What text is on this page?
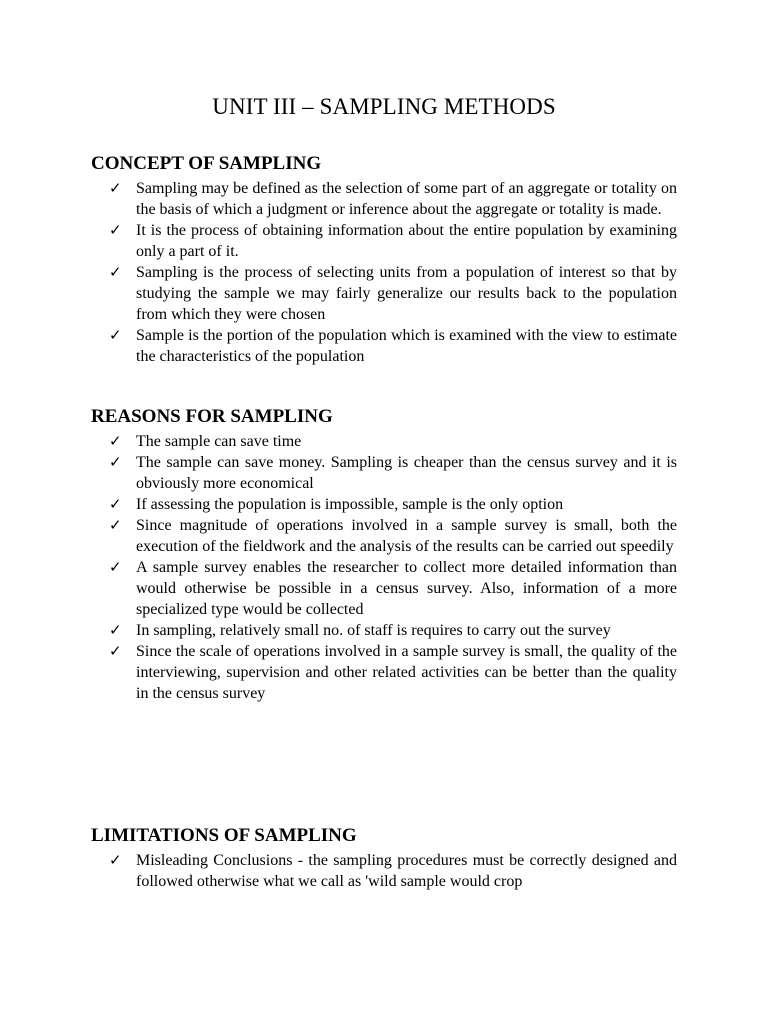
UNIT III – SAMPLING METHODS
CONCEPT OF SAMPLING
✓ Sampling may be defined as the selection of some part of an aggregate or totality on the basis of which a judgment or inference about the aggregate or totality is made.
✓ It is the process of obtaining information about the entire population by examining only a part of it.
✓ Sampling is the process of selecting units from a population of interest so that by studying the sample we may fairly generalize our results back to the population from which they were chosen
✓ Sample is the portion of the population which is examined with the view to estimate the characteristics of the population
REASONS FOR SAMPLING
✓ The sample can save time
✓ The sample can save money. Sampling is cheaper than the census survey and it is obviously more economical
✓ If assessing the population is impossible, sample is the only option
✓ Since magnitude of operations involved in a sample survey is small, both the execution of the fieldwork and the analysis of the results can be carried out speedily
✓ A sample survey enables the researcher to collect more detailed information than would otherwise be possible in a census survey. Also, information of a more specialized type would be collected
✓ In sampling, relatively small no. of staff is requires to carry out the survey
✓ Since the scale of operations involved in a sample survey is small, the quality of the interviewing, supervision and other related activities can be better than the quality in the census survey
LIMITATIONS OF SAMPLING
✓ Misleading Conclusions - the sampling procedures must be correctly designed and followed otherwise what we call as 'wild sample would crop
